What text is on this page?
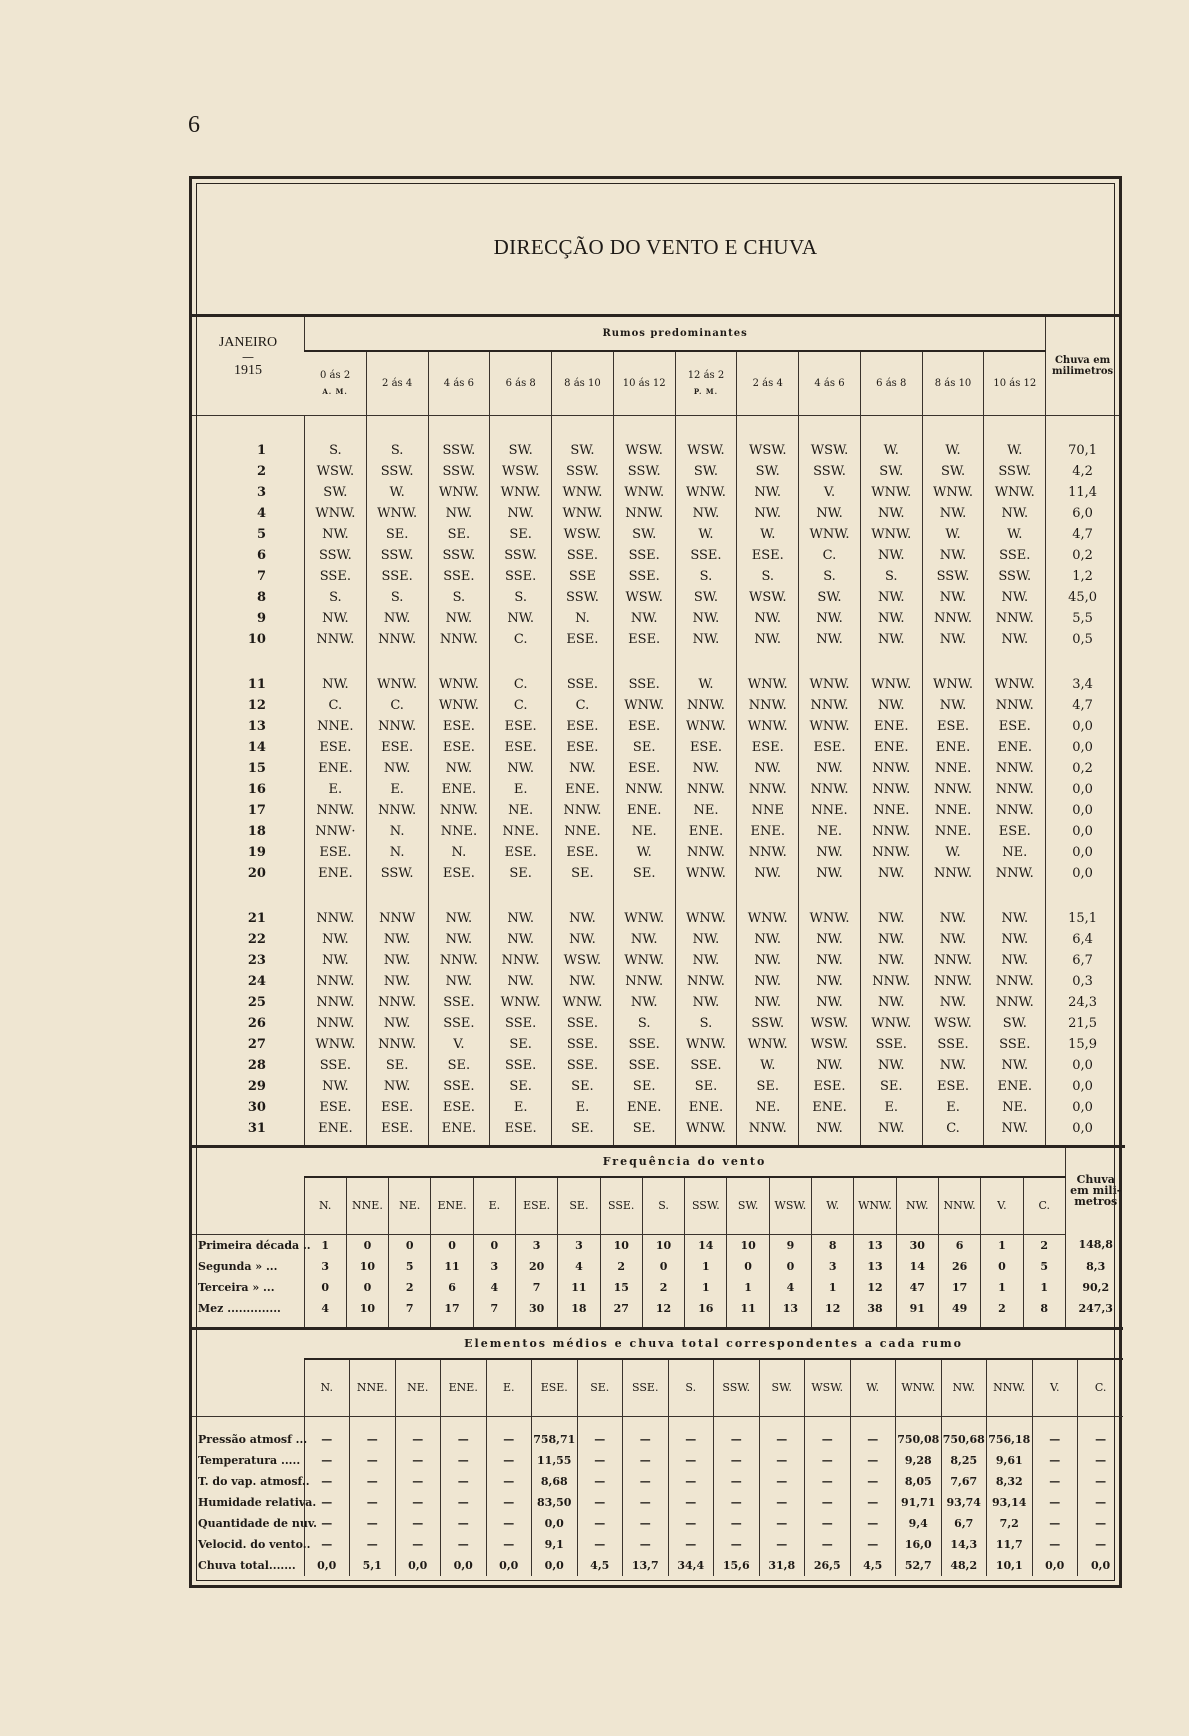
6
DIRECÇÃO DO VENTO E CHUVA
JANEIRO
—
1915	Rumos predominantes												Chuva em milimetros
	0 ás 2
A. M.	2 ás 4	4 ás 6	6 ás 8	8 ás 10	10 ás 12	12 ás 2
P. M.	2 ás 4	4 ás 6	6 ás 8	8 ás 10	10 ás 12	

1	S.	S.	SSW.	SW.	SW.	WSW.	WSW.	WSW.	WSW.	W.	W.	W.	70,1
2	WSW.	SSW.	SSW.	WSW.	SSW.	SSW.	SW.	SW.	SSW.	SW.	SW.	SSW.	4,2
3	SW.	W.	WNW.	WNW.	WNW.	WNW.	WNW.	NW.	V.	WNW.	WNW.	WNW.	11,4
4	WNW.	WNW.	NW.	NW.	WNW.	NNW.	NW.	NW.	NW.	NW.	NW.	NW.	6,0
5	NW.	SE.	SE.	SE.	WSW.	SW.	W.	W.	WNW.	WNW.	W.	W.	4,7
6	SSW.	SSW.	SSW.	SSW.	SSE.	SSE.	SSE.	ESE.	C.	NW.	NW.	SSE.	0,2
7	SSE.	SSE.	SSE.	SSE.	SSE	SSE.	S.	S.	S.	S.	SSW.	SSW.	1,2
8	S.	S.	S.	S.	SSW.	WSW.	SW.	WSW.	SW.	NW.	NW.	NW.	45,0
9	NW.	NW.	NW.	NW.	N.	NW.	NW.	NW.	NW.	NW.	NNW.	NNW.	5,5
10	NNW.	NNW.	NNW.	C.	ESE.	ESE.	NW.	NW.	NW.	NW.	NW.	NW.	0,5

11	NW.	WNW.	WNW.	C.	SSE.	SSE.	W.	WNW.	WNW.	WNW.	WNW.	WNW.	3,4
12	C.	C.	WNW.	C.	C.	WNW.	NNW.	NNW.	NNW.	NW.	NW.	NNW.	4,7
13	NNE.	NNW.	ESE.	ESE.	ESE.	ESE.	WNW.	WNW.	WNW.	ENE.	ESE.	ESE.	0,0
14	ESE.	ESE.	ESE.	ESE.	ESE.	SE.	ESE.	ESE.	ESE.	ENE.	ENE.	ENE.	0,0
15	ENE.	NW.	NW.	NW.	NW.	ESE.	NW.	NW.	NW.	NNW.	NNE.	NNW.	0,2
16	E.	E.	ENE.	E.	ENE.	NNW.	NNW.	NNW.	NNW.	NNW.	NNW.	NNW.	0,0
17	NNW.	NNW.	NNW.	NE.	NNW.	ENE.	NE.	NNE	NNE.	NNE.	NNE.	NNW.	0,0
18	NNW·	N.	NNE.	NNE.	NNE.	NE.	ENE.	ENE.	NE.	NNW.	NNE.	ESE.	0,0
19	ESE.	N.	N.	ESE.	ESE.	W.	NNW.	NNW.	NW.	NNW.	W.	NE.	0,0
20	ENE.	SSW.	ESE.	SE.	SE.	SE.	WNW.	NW.	NW.	NW.	NNW.	NNW.	0,0

21	NNW.	NNW	NW.	NW.	NW.	WNW.	WNW.	WNW.	WNW.	NW.	NW.	NW.	15,1
22	NW.	NW.	NW.	NW.	NW.	NW.	NW.	NW.	NW.	NW.	NW.	NW.	6,4
23	NW.	NW.	NNW.	NNW.	WSW.	WNW.	NW.	NW.	NW.	NW.	NNW.	NW.	6,7
24	NNW.	NW.	NW.	NW.	NW.	NNW.	NNW.	NW.	NW.	NNW.	NNW.	NNW.	0,3
25	NNW.	NNW.	SSE.	WNW.	WNW.	NW.	NW.	NW.	NW.	NW.	NW.	NNW.	24,3
26	NNW.	NW.	SSE.	SSE.	SSE.	S.	S.	SSW.	WSW.	WNW.	WSW.	SW.	21,5
27	WNW.	NNW.	V.	SE.	SSE.	SSE.	WNW.	WNW.	WSW.	SSE.	SSE.	SSE.	15,9
28	SSE.	SE.	SE.	SSE.	SSE.	SSE.	SSE.	W.	NW.	NW.	NW.	NW.	0,0
29	NW.	NW.	SSE.	SE.	SE.	SE.	SE.	SE.	ESE.	SE.	ESE.	ENE.	0,0
30	ESE.	ESE.	ESE.	E.	E.	ENE.	ENE.	NE.	ENE.	E.	E.	NE.	0,0
31	ENE.	ESE.	ENE.	ESE.	SE.	SE.	WNW.	NNW.	NW.	NW.	C.	NW.	0,0

	Frequência do vento																		Chuva em mili-metros
	N.	NNE.	NE.	ENE.	E.	ESE.	SE.	SSE.	S.	SSW.	SW.	WSW.	W.	WNW.	NW.	NNW.	V.	C.	
Primeira década ..	1	0	0	0	0	3	3	10	10	14	10	9	8	13	30	6	1	2	148,8
Segunda » ...	3	10	5	11	3	20	4	2	0	1	0	0	3	13	14	26	0	5	8,3
Terceira » ...	0	0	2	6	4	7	11	15	2	1	1	4	1	12	47	17	1	1	90,2
Mez ..............	4	10	7	17	7	30	18	27	12	16	11	13	12	38	91	49	2	8	247,3

	Elementos médios e chuva total correspondentes a cada rumo																	
	N.	NNE.	NE.	ENE.	E.	ESE.	SE.	SSE.	S.	SSW.	SW.	WSW.	W.	WNW.	NW.	NNW.	V.	C.

Pressão atmosf ...	—	—	—	—	—	758,71	—	—	—	—	—	—	—	750,08	750,68	756,18	—	—
Temperatura .....	—	—	—	—	—	11,55	—	—	—	—	—	—	—	9,28	8,25	9,61	—	—
T. do vap. atmosf..	—	—	—	—	—	8,68	—	—	—	—	—	—	—	8,05	7,67	8,32	—	—
Humidade relativa.	—	—	—	—	—	83,50	—	—	—	—	—	—	—	91,71	93,74	93,14	—	—
Quantidade de nuv.	—	—	—	—	—	0,0	—	—	—	—	—	—	—	9,4	6,7	7,2	—	—
Velocid. do vento..	—	—	—	—	—	9,1	—	—	—	—	—	—	—	16,0	14,3	11,7	—	—
Chuva total.......	0,0	5,1	0,0	0,0	0,0	0,0	4,5	13,7	34,4	15,6	31,8	26,5	4,5	52,7	48,2	10,1	0,0	0,0
